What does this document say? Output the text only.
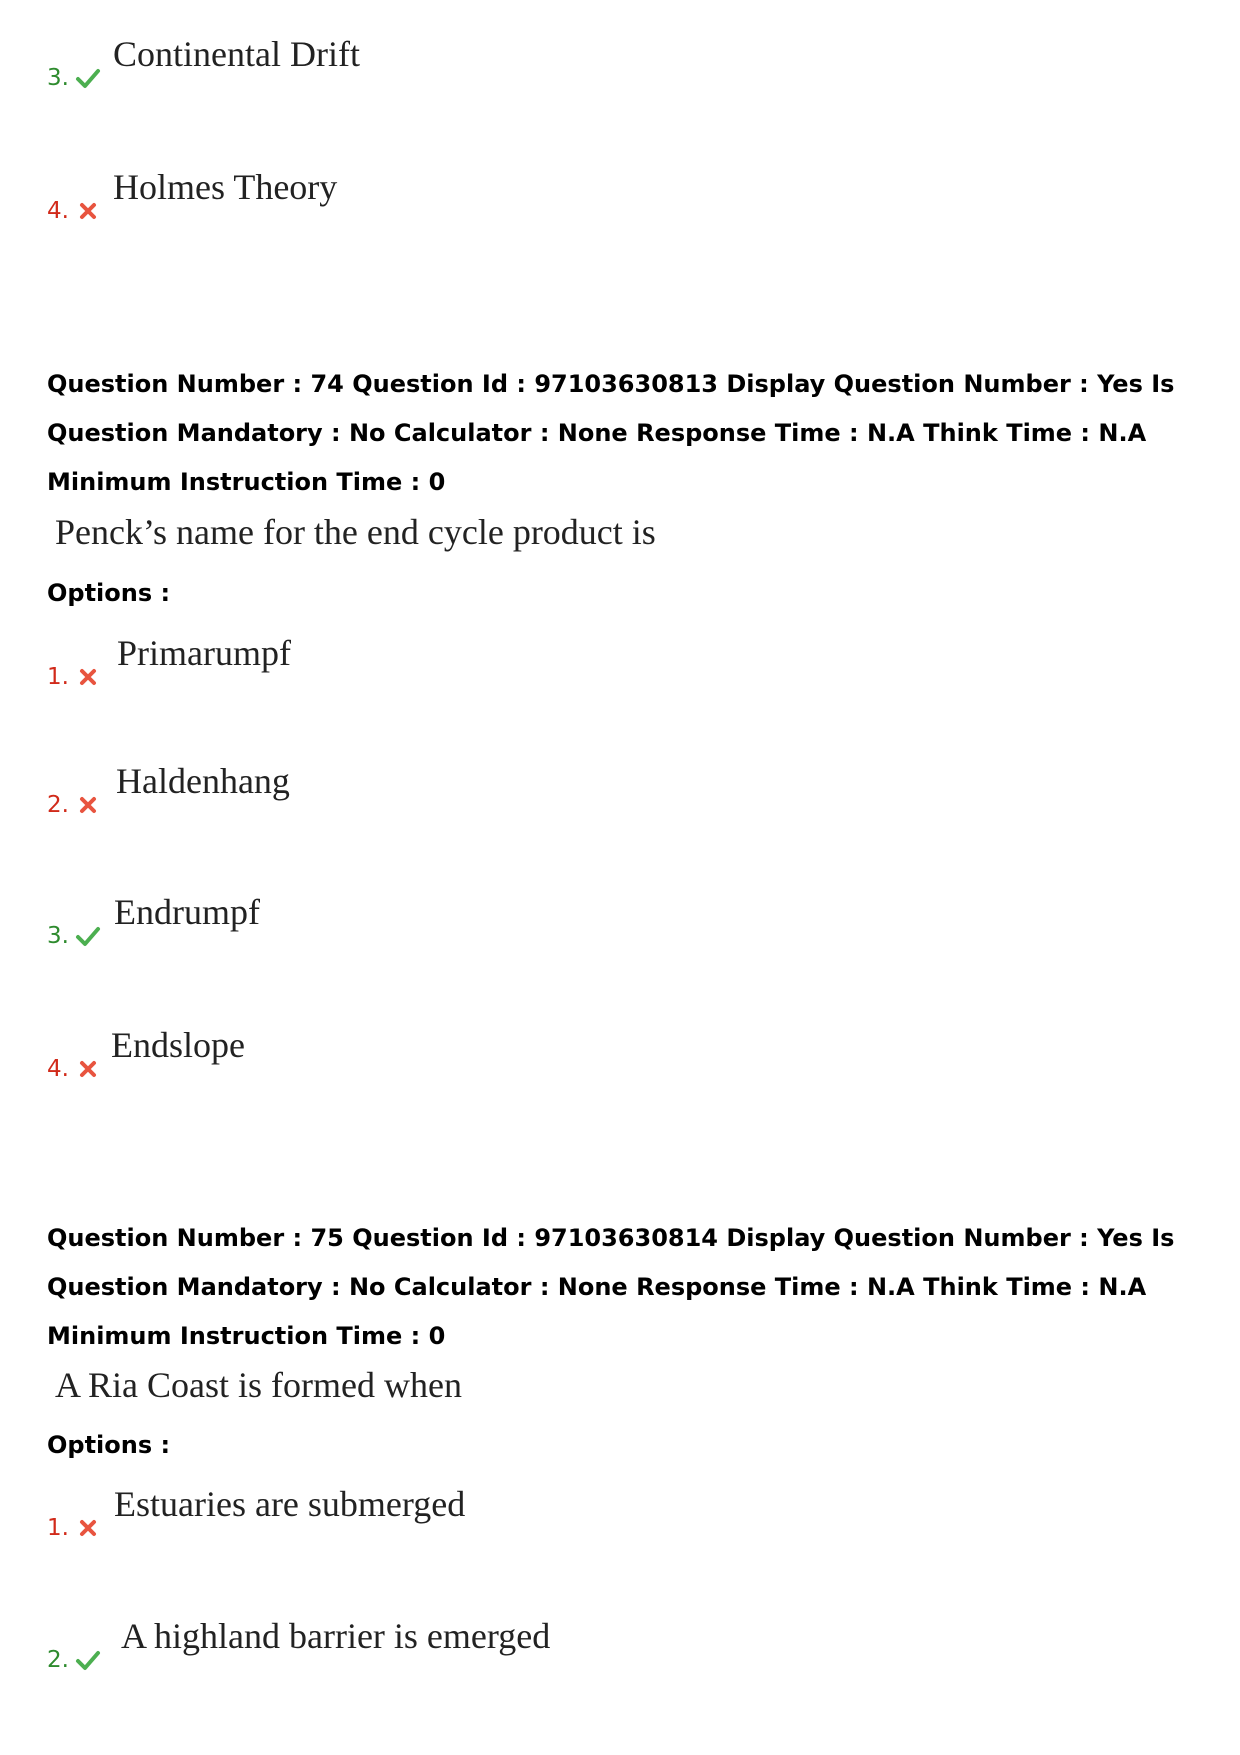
3.
Continental Drift
4.
Holmes Theory
Question Number : 74 Question Id : 97103630813 Display Question Number : Yes Is Question Mandatory : No Calculator : None Response Time : N.A Think Time : N.A Minimum Instruction Time : 0
Penck’s name for the end cycle product is
Options :
1.
Primarumpf
2.
Haldenhang
3.
Endrumpf
4.
Endslope
Question Number : 75 Question Id : 97103630814 Display Question Number : Yes Is Question Mandatory : No Calculator : None Response Time : N.A Think Time : N.A Minimum Instruction Time : 0
A Ria Coast is formed when
Options :
1.
Estuaries are submerged
2.
A highland barrier is emerged
